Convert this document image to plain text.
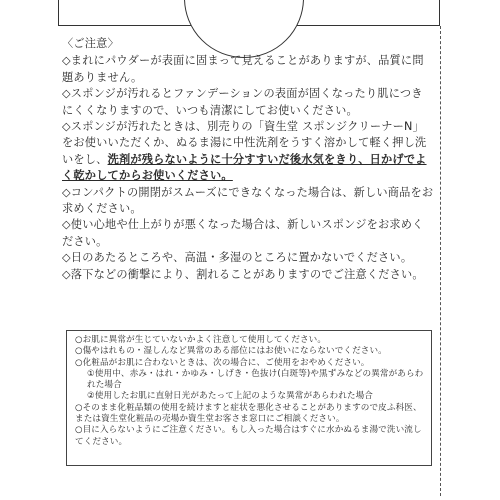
〈ご注意〉

◇まれにパウダーが表面に固まって見えることがありますが、品質に問題ありません。

◇スポンジが汚れるとファンデーションの表面が固くなったり肌につきにくくなりますので、いつも清潔にしてお使いください。

◇スポンジが汚れたときは、別売りの「資生堂 スポンジクリーナーN」をお使いいただくか、ぬるま湯に中性洗剤をうすく溶かして軽く押し洗いをし、洗剤が残らないように十分すすいだ後水気をきり、日かげでよく乾かしてからお使いください。

◇コンパクトの開閉がスムーズにできなくなった場合は、新しい商品をお求めください。

◇使い心地や仕上がりが悪くなった場合は、新しいスポンジをお求めください。

◇日のあたるところや、高温・多湿のところに置かないでください。

◇落下などの衝撃により、割れることがありますのでご注意ください。

○お肌に異常が生じていないかよく注意して使用してください。

○傷やはれもの・湿しんなど異常のある部位にはお使いにならないでください。

○化粧品がお肌に合わないときは、次の場合に、ご使用をおやめください。

①使用中、赤み・はれ・かゆみ・しげき・色抜け(白斑等)や黒ずみなどの異常があらわれた場合

②使用したお肌に直射日光があたって上記のような異常があらわれた場合

○そのまま化粧品類の使用を続けますと症状を悪化させることがありますので皮ふ科医、または資生堂化粧品の売場か資生堂お客さま窓口にご相談ください。

○目に入らないようにご注意ください。もし入った場合はすぐに水かぬるま湯で洗い流してください。
